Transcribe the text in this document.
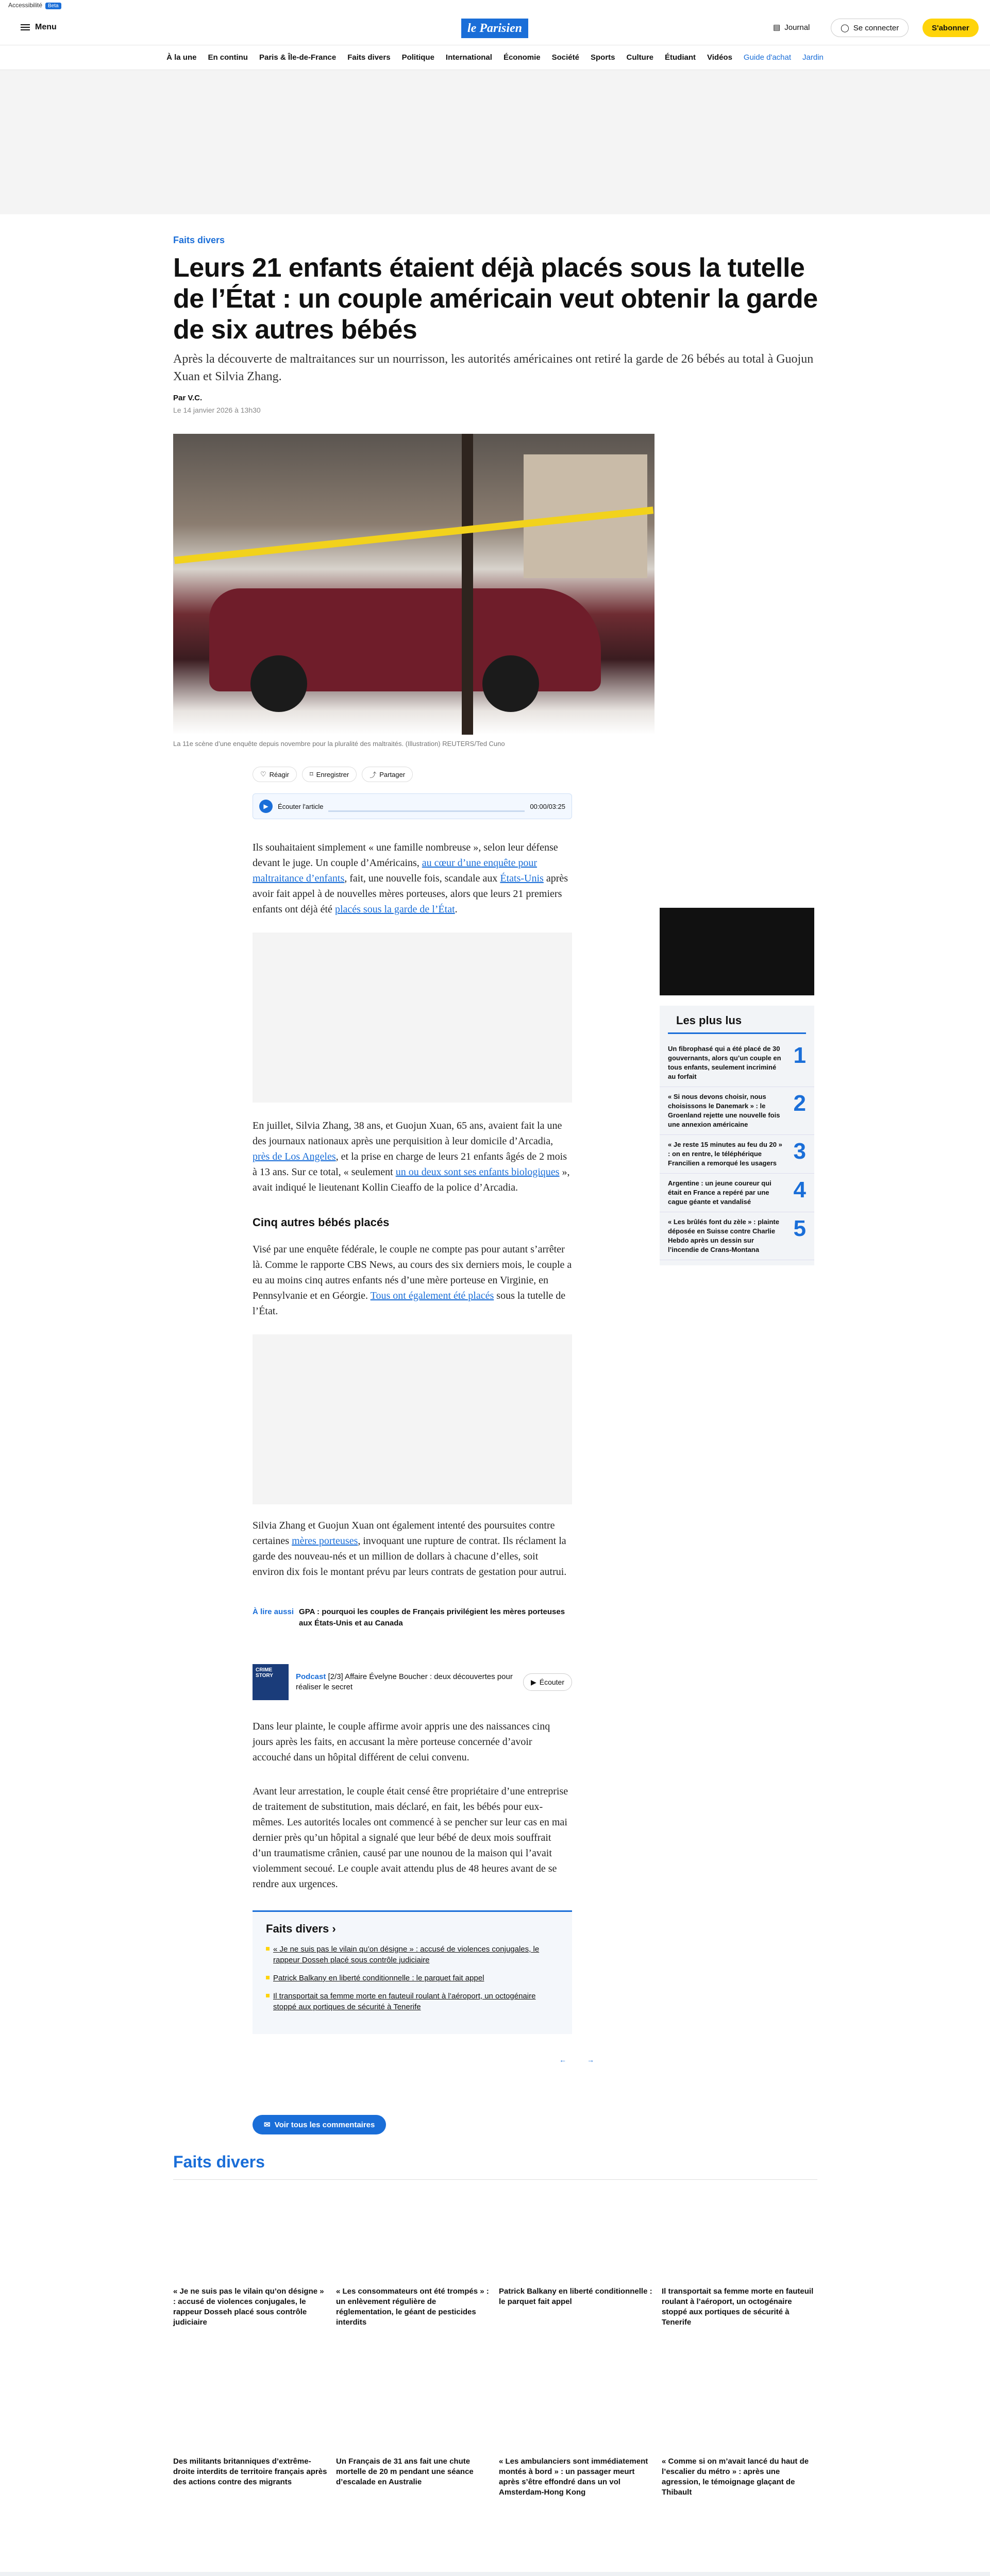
Accessibilité Beta
Menu	le Parisien	▤ Journal	◯ Se connecter	S'abonner
À la une En continu Paris & Île-de-France Faits divers Politique International Économie Société Sports Culture Étudiant Vidéos Guide d'achat Jardin
Faits divers
Leurs 21 enfants étaient déjà placés sous la tutelle de l’État : un couple américain veut obtenir la garde de six autres bébés

Après la découverte de maltraitances sur un nourrisson, les autorités américaines ont retiré la garde de 26 bébés au total à Guojun Xuan et Silvia Zhang.

Par V.C.
Le 14 janvier 2026 à 13h30
La 11e scène d’une enquête depuis novembre pour la pluralité des maltraités. (Illustration) REUTERS/Ted Cuno
♡ Réagir	⌑ Enregistrer	⤴ Partager
▶	Écouter l'article	00:00/03:25

Ils souhaitaient simplement « une famille nombreuse », selon leur défense devant le juge. Un couple d’Américains, au cœur d’une enquête pour maltraitance d’enfants, fait, une nouvelle fois, scandale aux États-Unis après avoir fait appel à de nouvelles mères porteuses, alors que leurs 21 premiers enfants ont déjà été placés sous la garde de l’État.

En juillet, Silvia Zhang, 38 ans, et Guojun Xuan, 65 ans, avaient fait la une des journaux nationaux après une perquisition à leur domicile d’Arcadia, près de Los Angeles, et la prise en charge de leurs 21 enfants âgés de 2 mois à 13 ans. Sur ce total, « seulement un ou deux sont ses enfants biologiques », avait indiqué le lieutenant Kollin Cieaffo de la police d’Arcadia.

Cinq autres bébés placés

Visé par une enquête fédérale, le couple ne compte pas pour autant s’arrêter là. Comme le rapporte CBS News, au cours des six derniers mois, le couple a eu au moins cinq autres enfants nés d’une mère porteuse en Virginie, en Pennsylvanie et en Géorgie. Tous ont également été placés sous la tutelle de l’État.

Silvia Zhang et Guojun Xuan ont également intenté des poursuites contre certaines mères porteuses, invoquant une rupture de contrat. Ils réclament la garde des nouveau-nés et un million de dollars à chacune d’elles, soit environ dix fois le montant prévu par leurs contrats de gestation pour autrui.

À lire aussi GPA : pourquoi les couples de Français privilégient les mères porteuses aux États-Unis et au Canada
CRIME STORY	Podcast [2/3] Affaire Évelyne Boucher : deux découvertes pour réaliser le secret
▶ Écouter

Dans leur plainte, le couple affirme avoir appris une des naissances cinq jours après les faits, en accusant la mère porteuse concernée d’avoir accouché dans un hôpital différent de celui convenu.

Avant leur arrestation, le couple était censé être propriétaire d’une entreprise de traitement de substitution, mais déclaré, en fait, les bébés pour eux-mêmes. Les autorités locales ont commencé à se pencher sur leur cas en mai dernier près qu’un hôpital a signalé que leur bébé de deux mois souffrait d’un traumatisme crânien, causé par une nounou de la maison qui l’avait violemment secoué. Le couple avait attendu plus de 48 heures avant de se rendre aux urgences.

Faits divers ›
« Je ne suis pas le vilain qu’on désigne » : accusé de violences conjugales, le rappeur Dosseh placé sous contrôle judiciaire
Patrick Balkany en liberté conditionnelle : le parquet fait appel
Il transportait sa femme morte en fauteuil roulant à l’aéroport, un octogénaire stoppé aux portiques de sécurité à Tenerife
←	→
✉ Voir tous les commentaires
Les plus lus
Un fibrophasé qui a été placé de 30 gouvernants, alors qu’un couple en tous enfants, seulement incriminé au forfait
1
« Si nous devons choisir, nous choisissons le Danemark » : le Groenland rejette une nouvelle fois une annexion américaine
2
« Je reste 15 minutes au feu du 20 » : on en rentre, le téléphérique Francilien a remorqué les usagers 3
Argentine : un jeune coureur qui était en France a repéré par une cague géante et vandalisé	4
« Les brûlés font du zèle » : plainte déposée en Suisse contre Charlie Hebdo après un dessin sur l’incendie de Crans-Montana
5
Faits divers
« Je ne suis pas le vilain qu’on désigne » : accusé de violences conjugales, le rappeur Dosseh placé sous contrôle judiciaire
« Les consommateurs ont été trompés » : un enlèvement régulière de réglementation, le géant de pesticides interdits
Patrick Balkany en liberté conditionnelle : le parquet fait appel
Il transportait sa femme morte en fauteuil roulant à l’aéroport, un octogénaire stoppé aux portiques de sécurité à Tenerife
Des militants britanniques d’extrême-droite interdits de territoire français après des actions contre des migrants
Un Français de 31 ans fait une chute mortelle de 20 m pendant une séance d’escalade en Australie
« Les ambulanciers sont immédiatement montés à bord » : un passager meurt après s’être effondré dans un vol Amsterdam-Hong Kong
« Comme si on m’avait lancé du haut de l’escalier du métro » : après une agression, le témoignage glaçant de Thibault
